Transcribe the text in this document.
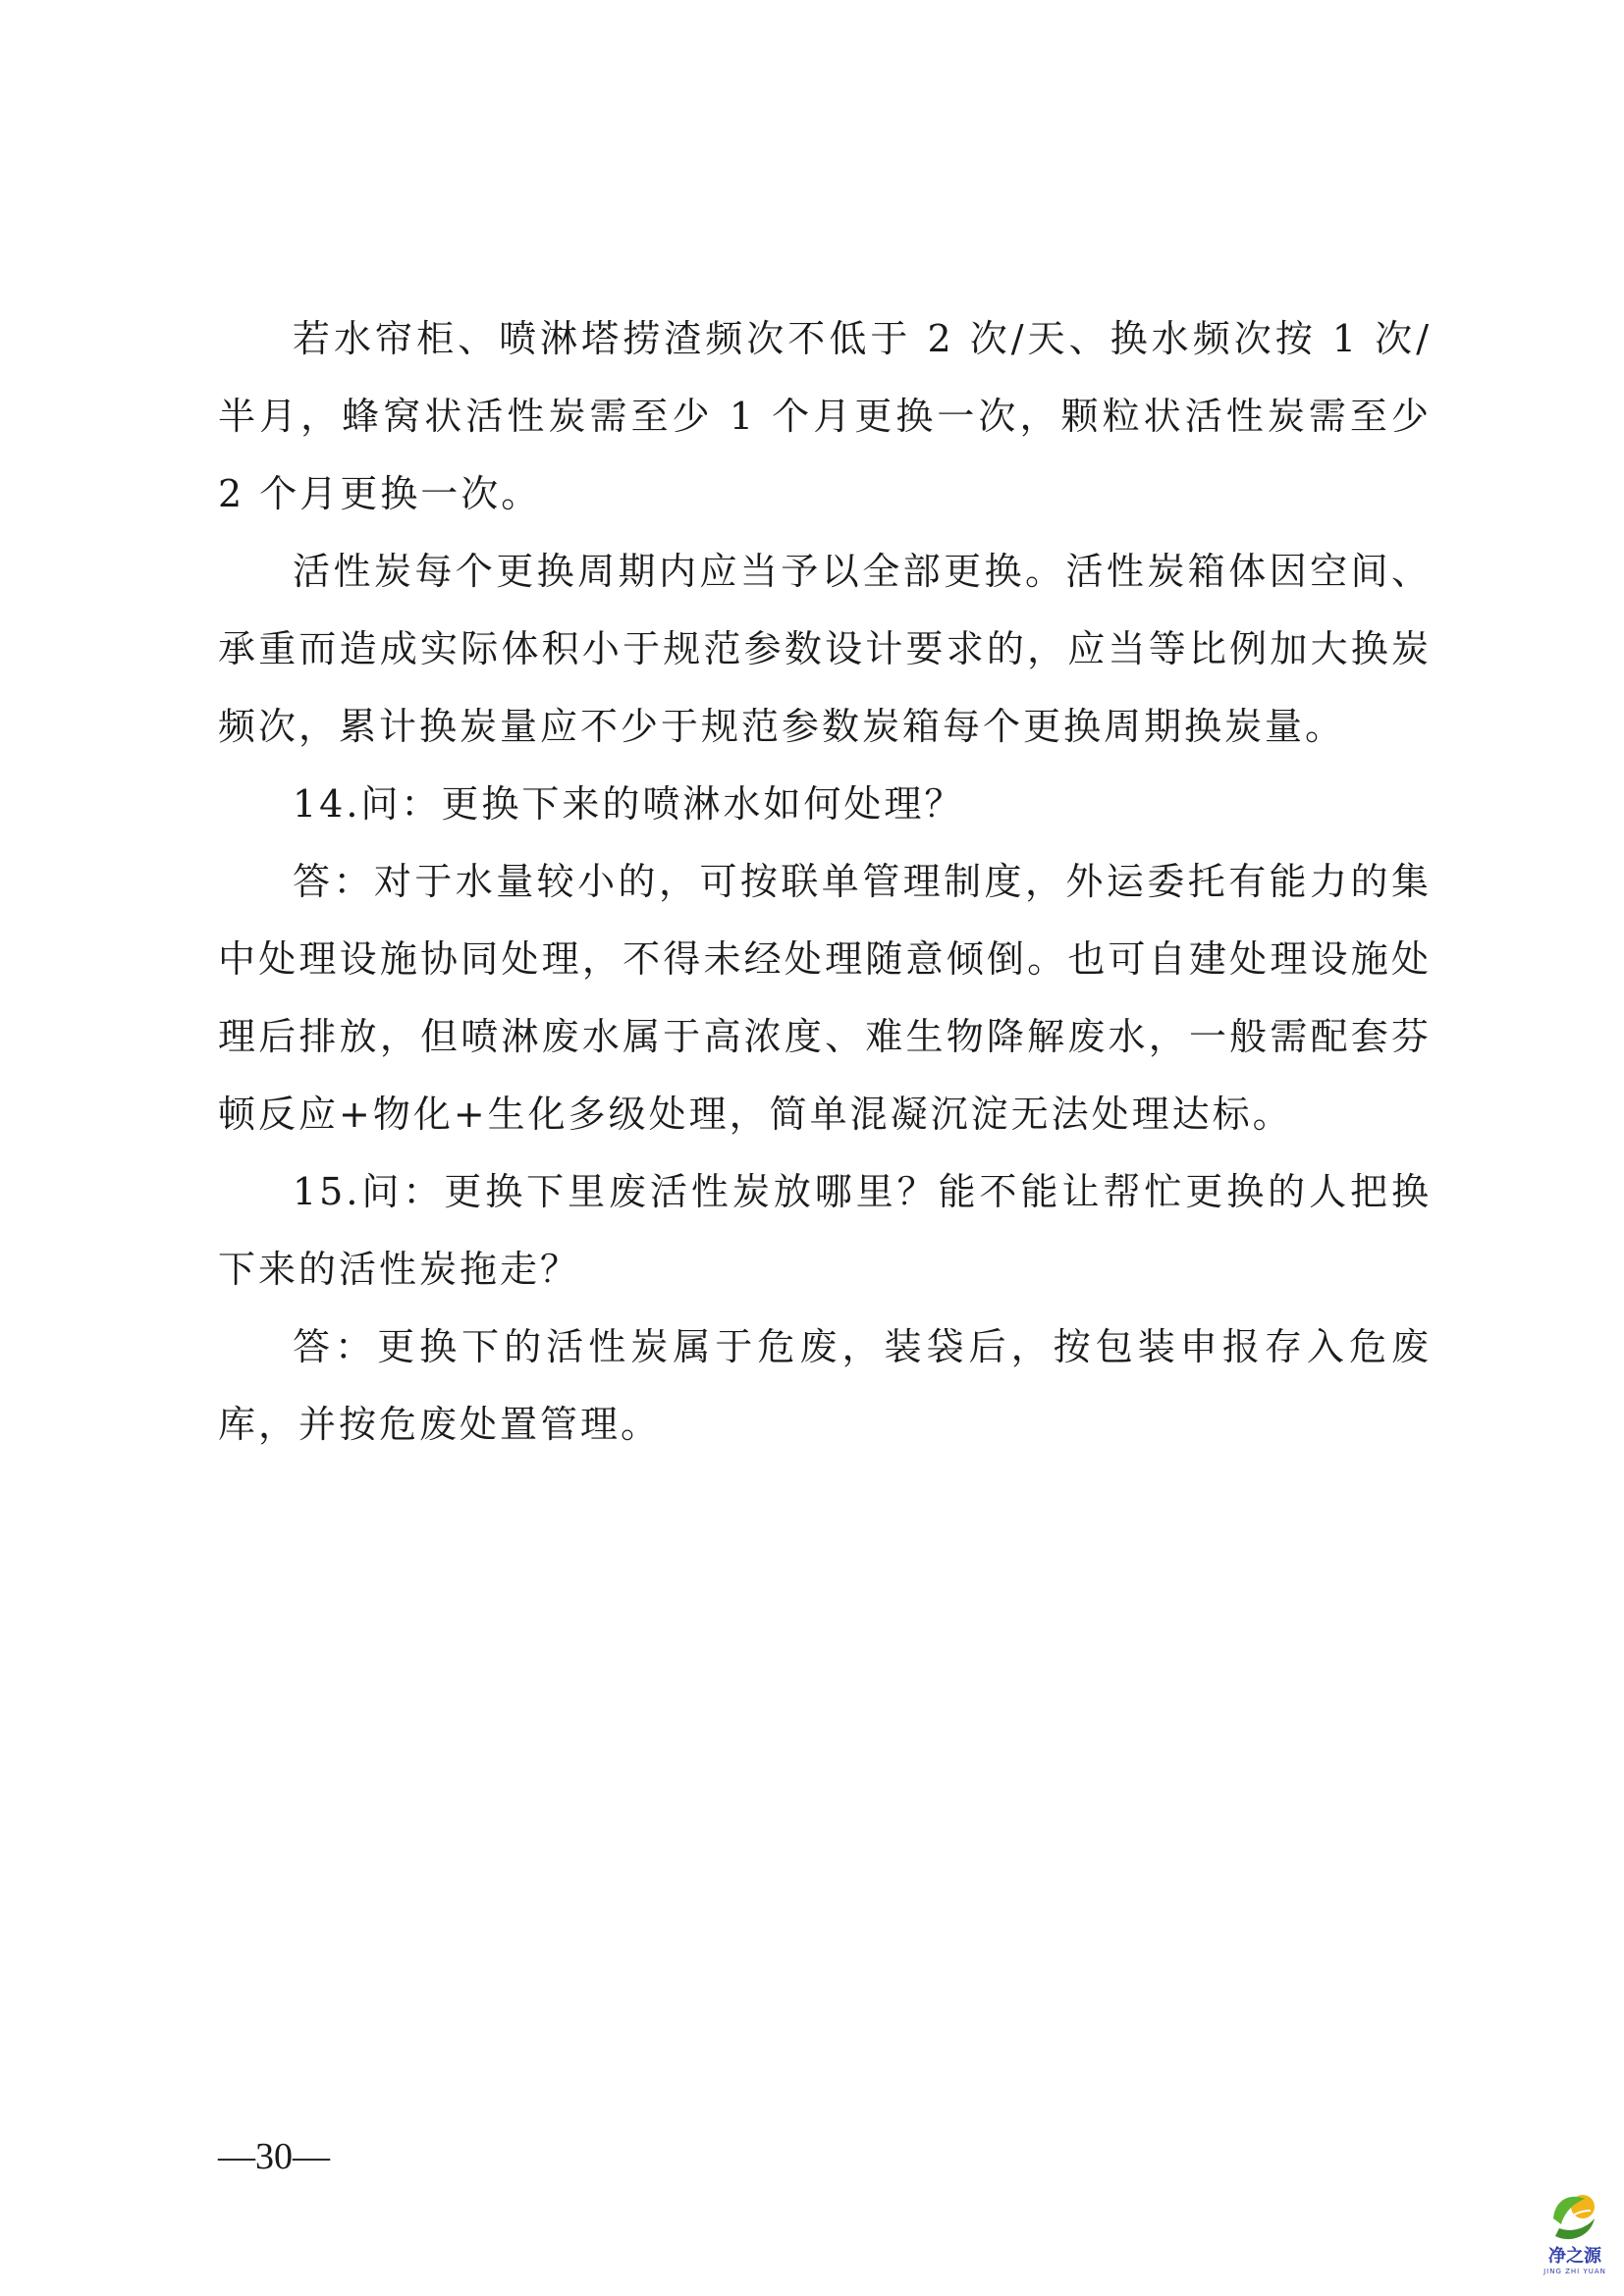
若水帘柜、喷淋塔捞渣频次不低于 2 次/天、换水频次按 1 次/半月，蜂窝状活性炭需至少 1 个月更换一次，颗粒状活性炭需至少 2 个月更换一次。

活性炭每个更换周期内应当予以全部更换。活性炭箱体因空间、承重而造成实际体积小于规范参数设计要求的，应当等比例加大换炭频次，累计换炭量应不少于规范参数炭箱每个更换周期换炭量。

14.问：更换下来的喷淋水如何处理？

答：对于水量较小的，可按联单管理制度，外运委托有能力的集中处理设施协同处理，不得未经处理随意倾倒。也可自建处理设施处理后排放，但喷淋废水属于高浓度、难生物降解废水，一般需配套芬顿反应+物化+生化多级处理，简单混凝沉淀无法处理达标。

15.问：更换下里废活性炭放哪里？能不能让帮忙更换的人把换下来的活性炭拖走？

答：更换下的活性炭属于危废，装袋后，按包装申报存入危废库，并按危废处置管理。

—30—
净之源
JING ZHI YUAN
